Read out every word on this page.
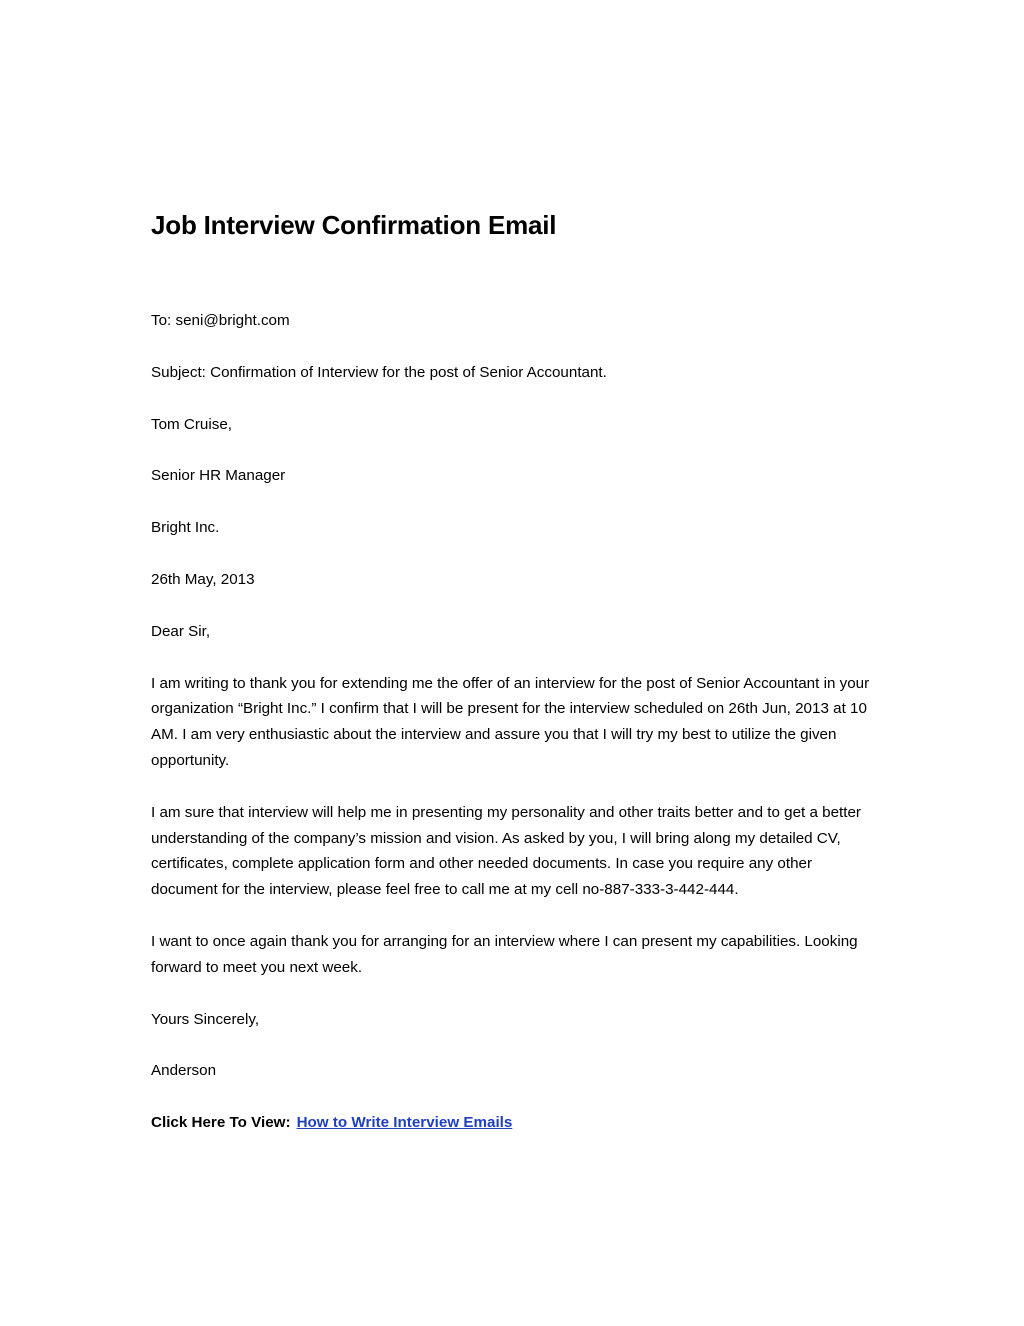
Job Interview Confirmation Email

To: seni@bright.com

Subject: Confirmation of Interview for the post of Senior Accountant.

Tom Cruise,

Senior HR Manager

Bright Inc.

26th May, 2013

Dear Sir,

I am writing to thank you for extending me the offer of an interview for the post of Senior Accountant in your organization “Bright Inc.” I confirm that I will be present for the interview scheduled on 26th Jun, 2013 at 10 AM. I am very enthusiastic about the interview and assure you that I will try my best to utilize the given opportunity.

I am sure that interview will help me in presenting my personality and other traits better and to get a better understanding of the company’s mission and vision. As asked by you, I will bring along my detailed CV, certificates, complete application form and other needed documents. In case you require any other document for the interview, please feel free to call me at my cell no-887-333-3-442-444.

I want to once again thank you for arranging for an interview where I can present my capabilities. Looking forward to meet you next week.

Yours Sincerely,

Anderson

Click Here To View: How to Write Interview Emails
